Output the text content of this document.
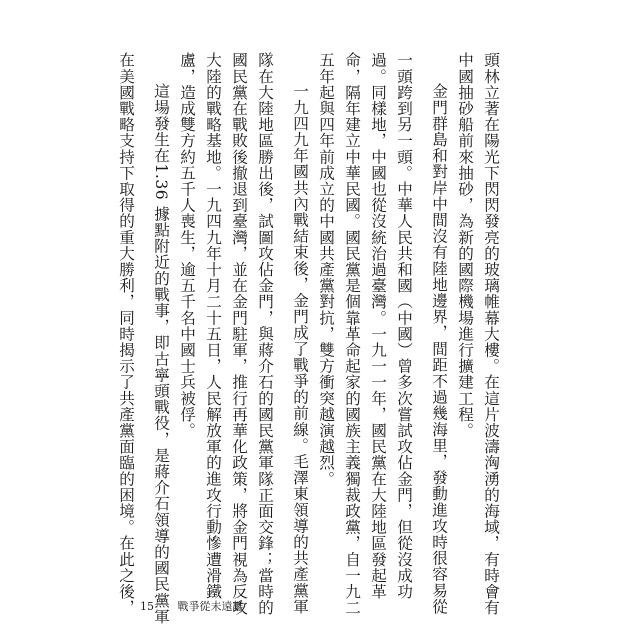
頭林立著在陽光下閃閃發亮的玻璃帷幕大樓。在這片波濤洶湧的海域，有時會有
中國抽砂船前來抽砂，為新的國際機場進行擴建工程。
金門群島和對岸中間沒有陸地邊界，間距不過幾海里，發動進攻時很容易從
一頭跨到另一頭。中華人民共和國（中國）曾多次嘗試攻佔金門，但從沒成功
過。同樣地，中國也從沒統治過臺灣。一九一一年，國民黨在大陸地區發起革
命，隔年建立中華民國。國民黨是個靠革命起家的國族主義獨裁政黨，自一九二
五年起與四年前成立的中國共產黨對抗，雙方衝突越演越烈。
一九四九年國共內戰結束後，金門成了戰爭的前線。毛澤東領導的共產黨軍
隊在大陸地區勝出後，試圖攻佔金門，與蔣介石的國民黨軍隊正面交鋒；當時的
國民黨在戰敗後撤退到臺灣，並在金門駐軍，推行再華化政策，將金門視為反攻
大陸的戰略基地。一九四九年十月二十五日，人民解放軍的進攻行動慘遭滑鐵
盧，造成雙方約五千人喪生，逾五千名中國士兵被俘。
這場發生在1.36 據點附近的戰事，即古寧頭戰役，是蔣介石領導的國民黨軍
在美國戰略支持下取得的重大勝利，同時揭示了共產黨面臨的困境。在此之後， 15 戰爭從未遠離
